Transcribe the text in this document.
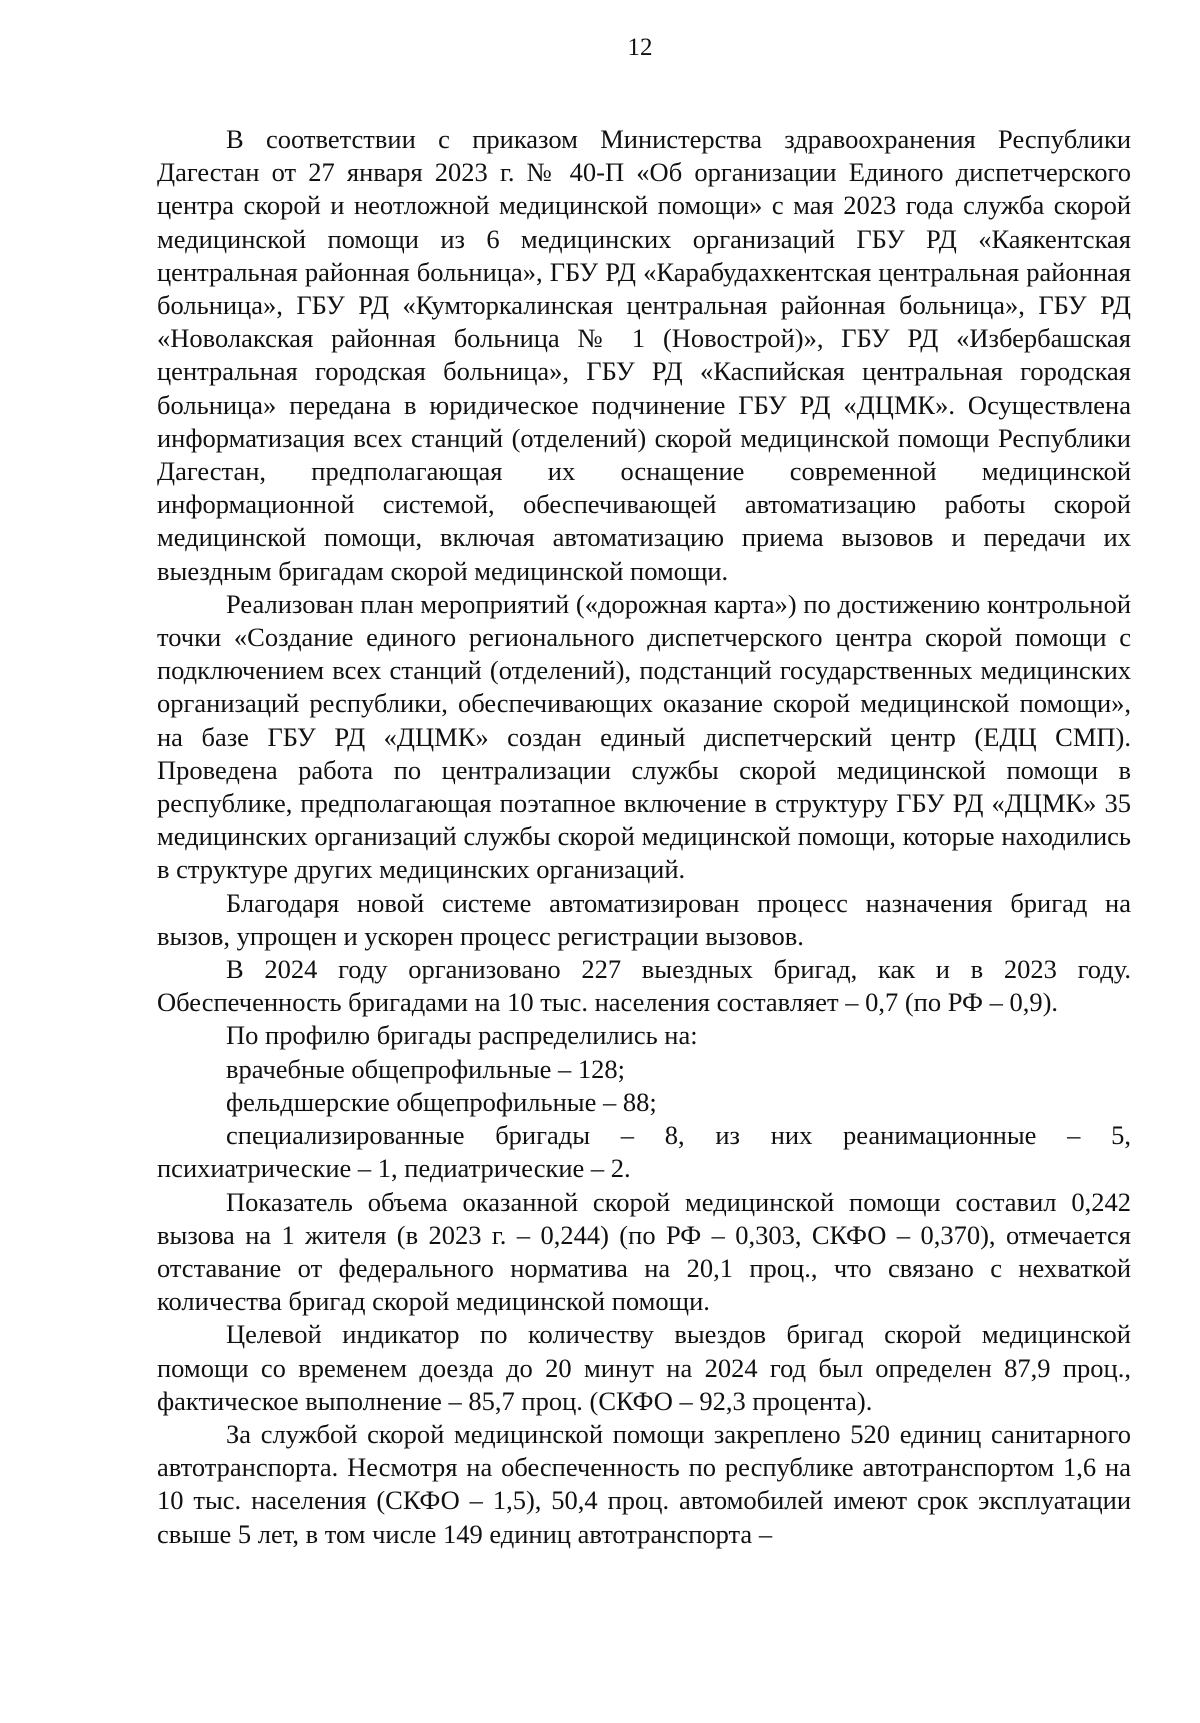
12

В соответствии с приказом Министерства здравоохранения Республики Дагестан от 27 января 2023 г. № 40-П «Об организации Единого диспетчерского центра скорой и неотложной медицинской помощи» с мая 2023 года служба скорой медицинской помощи из 6 медицинских организаций ГБУ РД «Каякентская центральная районная больница», ГБУ РД «Карабудахкентская центральная районная больница», ГБУ РД «Кумторкалинская центральная районная больница», ГБУ РД «Новолакская районная больница № 1 (Новострой)», ГБУ РД «Избербашская центральная городская больница», ГБУ РД «Каспийская центральная городская больница» передана в юридическое подчинение ГБУ РД «ДЦМК». Осуществлена информатизация всех станций (отделений) скорой медицинской помощи Республики Дагестан, предполагающая их оснащение современной медицинской информационной системой, обеспечивающей автоматизацию работы скорой медицинской помощи, включая автоматизацию приема вызовов и передачи их выездным бригадам скорой медицинской помощи.

Реализован план мероприятий («дорожная карта») по достижению контрольной точки «Создание единого регионального диспетчерского центра скорой помощи с подключением всех станций (отделений), подстанций государственных медицинских организаций республики, обеспечивающих оказание скорой медицинской помощи», на базе ГБУ РД «ДЦМК» создан единый диспетчерский центр (ЕДЦ СМП). Проведена работа по централизации службы скорой медицинской помощи в республике, предполагающая поэтапное включение в структуру ГБУ РД «ДЦМК» 35 медицинских организаций службы скорой медицинской помощи, которые находились в структуре других медицинских организаций.

Благодаря новой системе автоматизирован процесс назначения бригад на вызов, упрощен и ускорен процесс регистрации вызовов.

В 2024 году организовано 227 выездных бригад, как и в 2023 году. Обеспеченность бригадами на 10 тыс. населения составляет – 0,7 (по РФ – 0,9).

По профилю бригады распределились на:

врачебные общепрофильные – 128;

фельдшерские общепрофильные – 88;

специализированные бригады – 8, из них реанимационные – 5, психиатрические – 1, педиатрические – 2.

Показатель объема оказанной скорой медицинской помощи составил 0,242 вызова на 1 жителя (в 2023 г. – 0,244) (по РФ – 0,303, СКФО – 0,370), отмечается отставание от федерального норматива на 20,1 проц., что связано с нехваткой количества бригад скорой медицинской помощи.

Целевой индикатор по количеству выездов бригад скорой медицинской помощи со временем доезда до 20 минут на 2024 год был определен 87,9 проц., фактическое выполнение – 85,7 проц. (СКФО – 92,3 процента).

За службой скорой медицинской помощи закреплено 520 единиц санитарного автотранспорта. Несмотря на обеспеченность по республике автотранспортом 1,6 на 10 тыс. населения (СКФО – 1,5), 50,4 проц. автомобилей имеют срок эксплуатации свыше 5 лет, в том числе 149 единиц автотранспорта –
